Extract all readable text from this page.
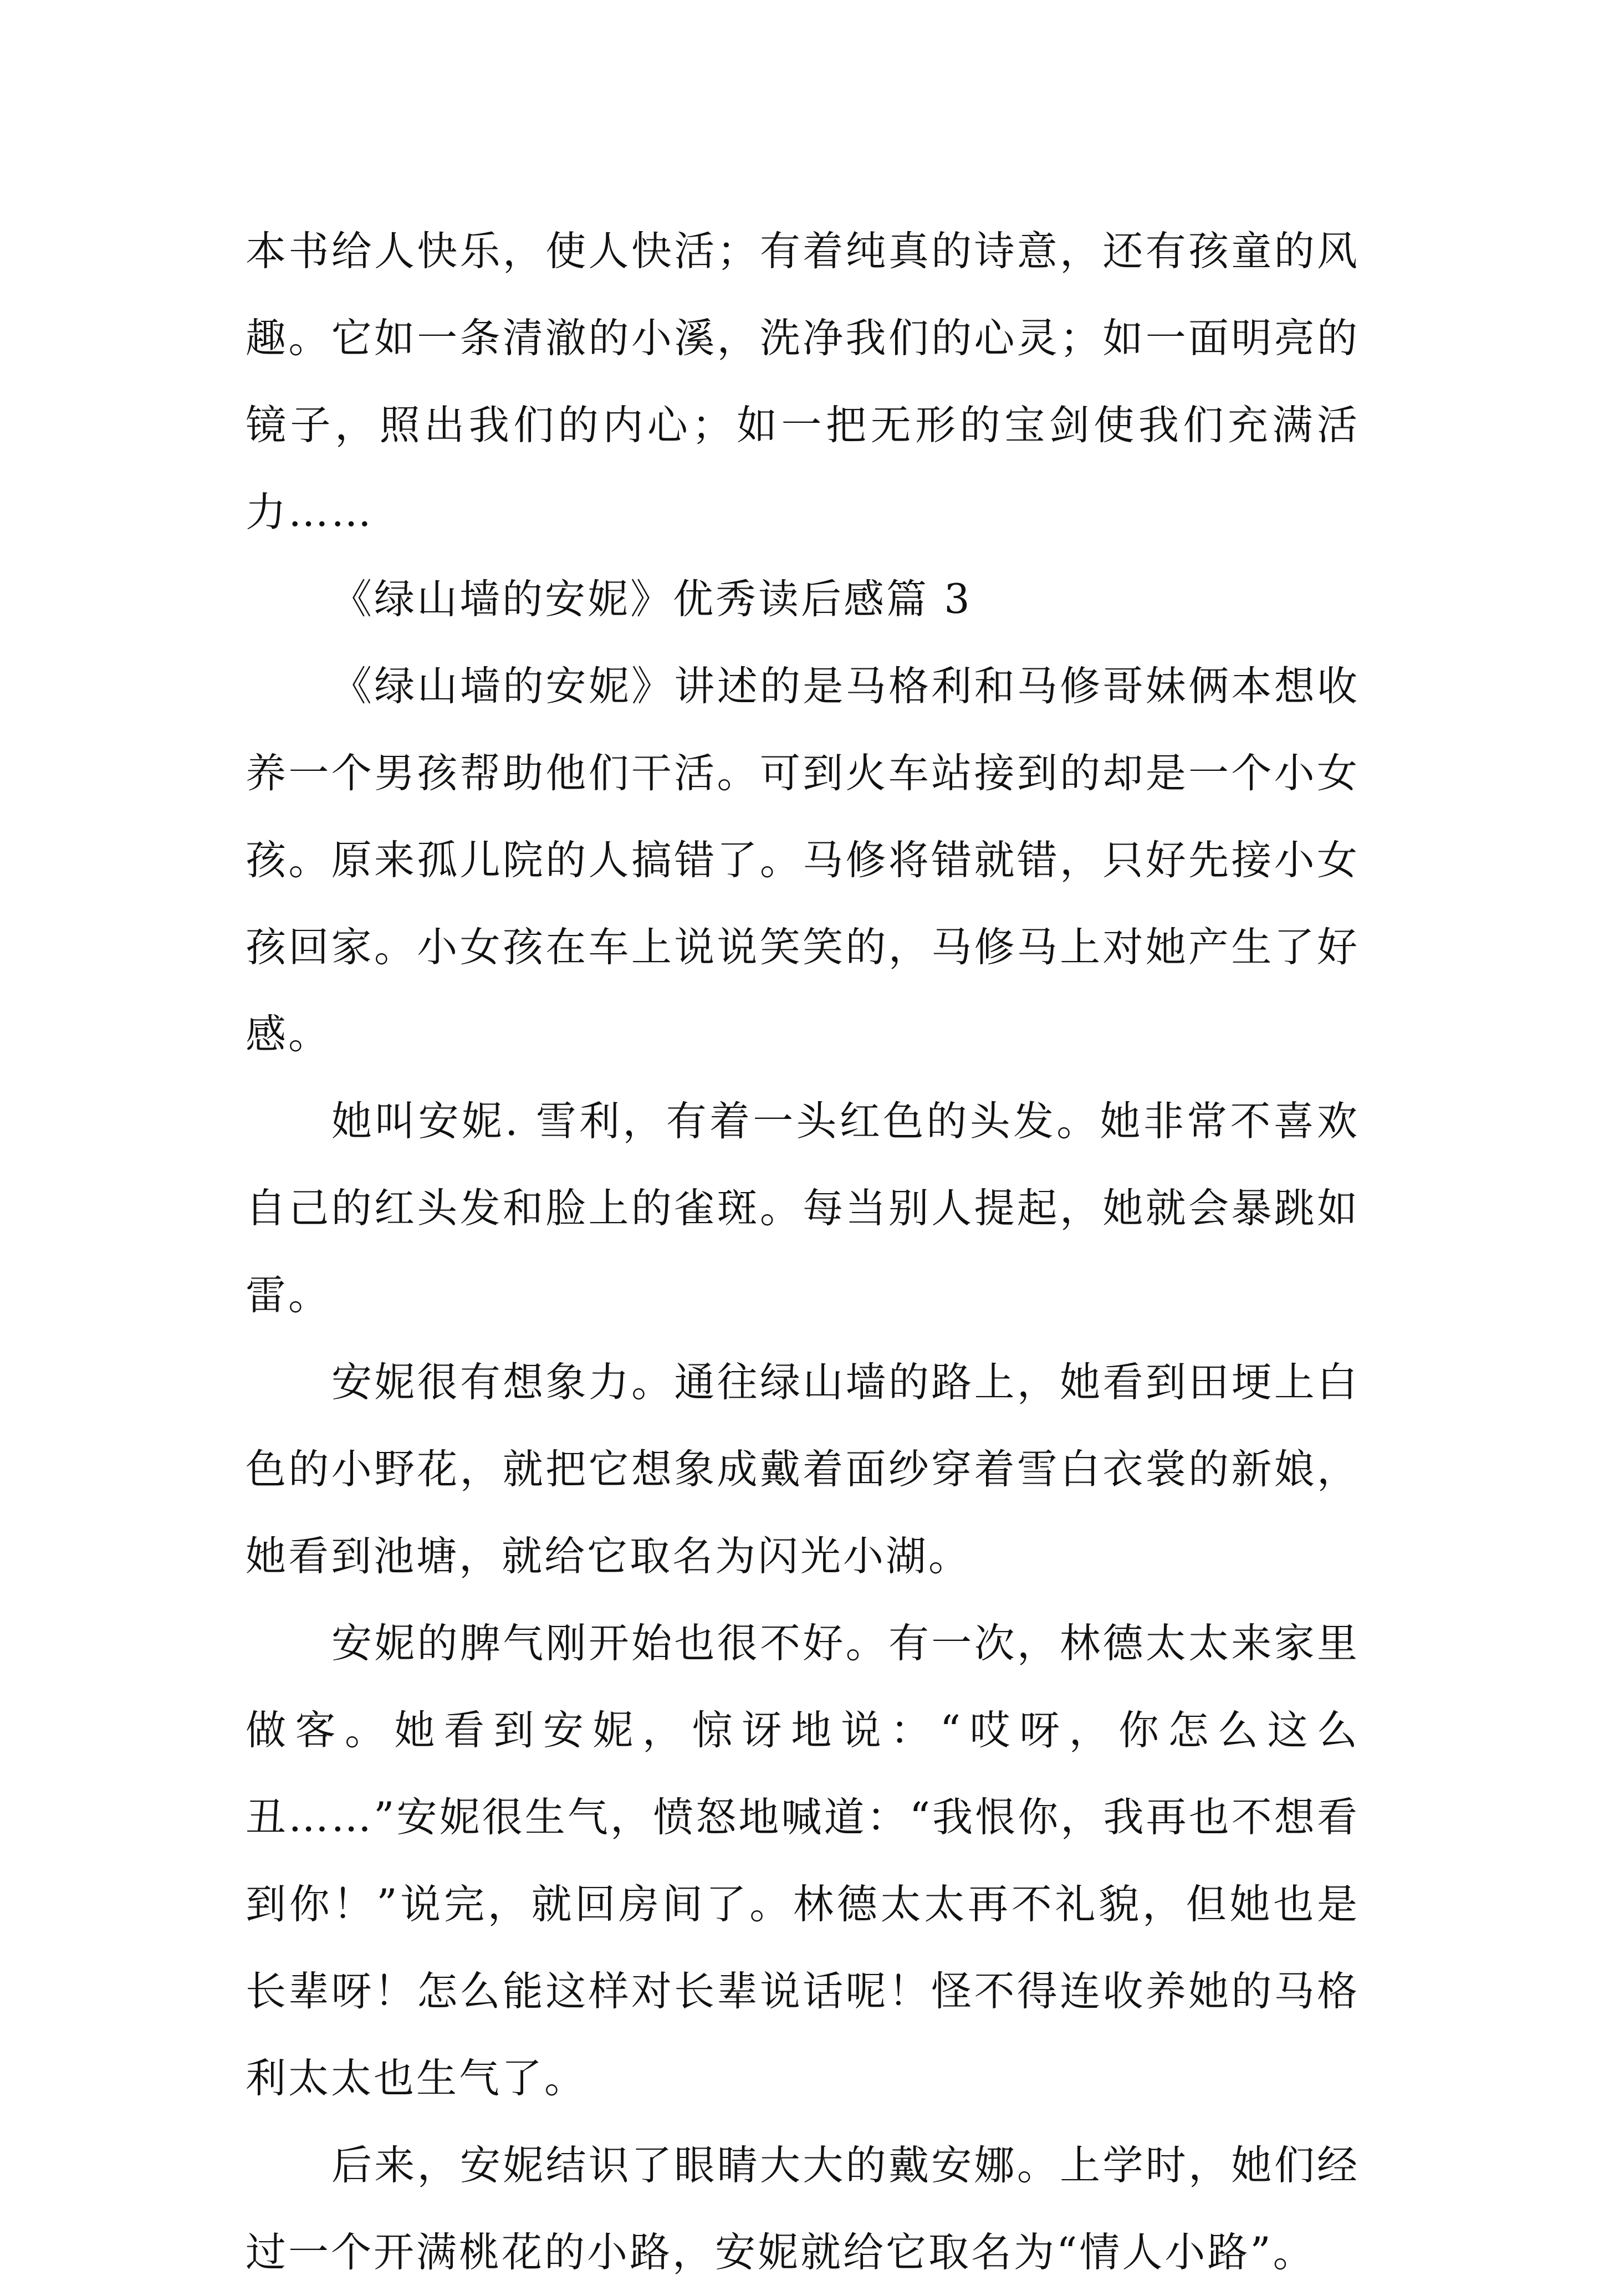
本书给人快乐，使人快活；有着纯真的诗意，还有孩童的风趣。它如一条清澈的小溪，洗净我们的心灵；如一面明亮的镜子，照出我们的内心；如一把无形的宝剑使我们充满活力……

《绿山墙的安妮》优秀读后感篇 3

《绿山墙的安妮》讲述的是马格利和马修哥妹俩本想收养一个男孩帮助他们干活。可到火车站接到的却是一个小女孩。原来孤儿院的人搞错了。马修将错就错，只好先接小女孩回家。小女孩在车上说说笑笑的，马修马上对她产生了好感。

她叫安妮. 雪利，有着一头红色的头发。她非常不喜欢自己的红头发和脸上的雀斑。每当别人提起，她就会暴跳如雷。

安妮很有想象力。通往绿山墙的路上，她看到田埂上白色的小野花，就把它想象成戴着面纱穿着雪白衣裳的新娘，她看到池塘，就给它取名为闪光小湖。

安妮的脾气刚开始也很不好。有一次，林德太太来家里做客。她看到安妮，惊讶地说：“哎呀，你怎么这么丑……”安妮很生气，愤怒地喊道：“我恨你，我再也不想看到你！”说完，就回房间了。林德太太再不礼貌，但她也是长辈呀！怎么能这样对长辈说话呢！怪不得连收养她的马格利太太也生气了。

后来，安妮结识了眼睛大大的戴安娜。上学时，她们经过一个开满桃花的小路，安妮就给它取名为“情人小路”。
